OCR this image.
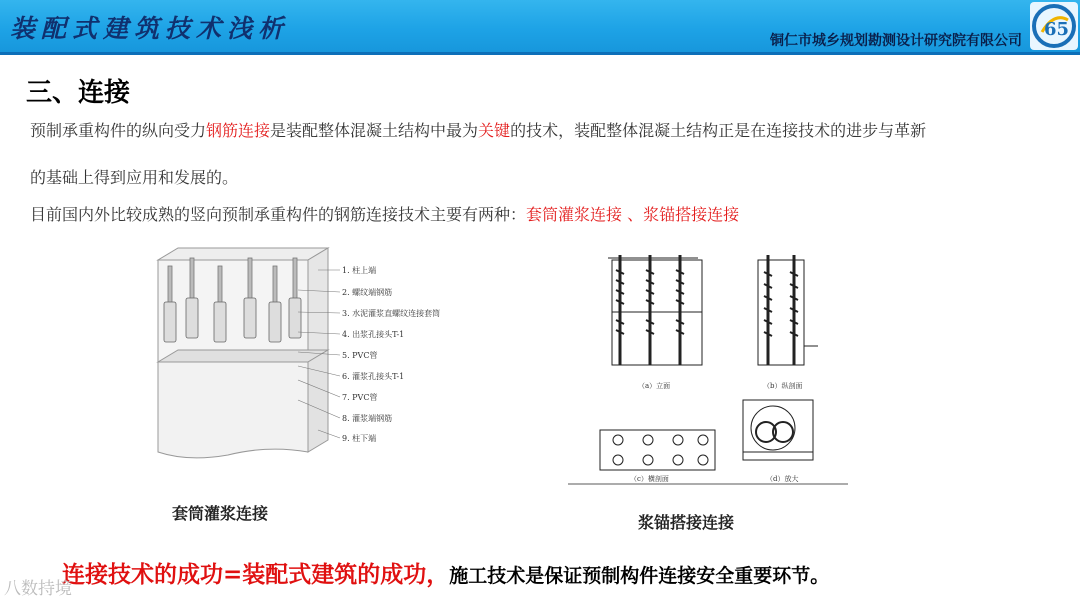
装配式建筑技术浅析	铜仁市城乡规划勘测设计研究院有限公司
65
三、连接
预制承重构件的纵向受力钢筋连接是装配整体混凝土结构中最为关键的技术，装配整体混凝土结构正是在连接技术的进步与革新
的基础上得到应用和发展的。
目前国内外比较成熟的竖向预制承重构件的钢筋连接技术主要有两种：套筒灌浆连接 、浆锚搭接连接
1. 柱上端
2. 螺纹端钢筋
3. 水泥灌浆直螺纹连接套筒
4. 出浆孔接头T-1
5. PVC管
6. 灌浆孔接头T-1
7. PVC管
8. 灌浆端钢筋
9. 柱下端
套筒灌浆连接
（a）立面	（b）纵剖面
（c）横剖面	（d）放大
浆锚搭接连接
连接技术的成功=装配式建筑的成功，施工技术是保证预制构件连接安全重要环节。
八数持境
